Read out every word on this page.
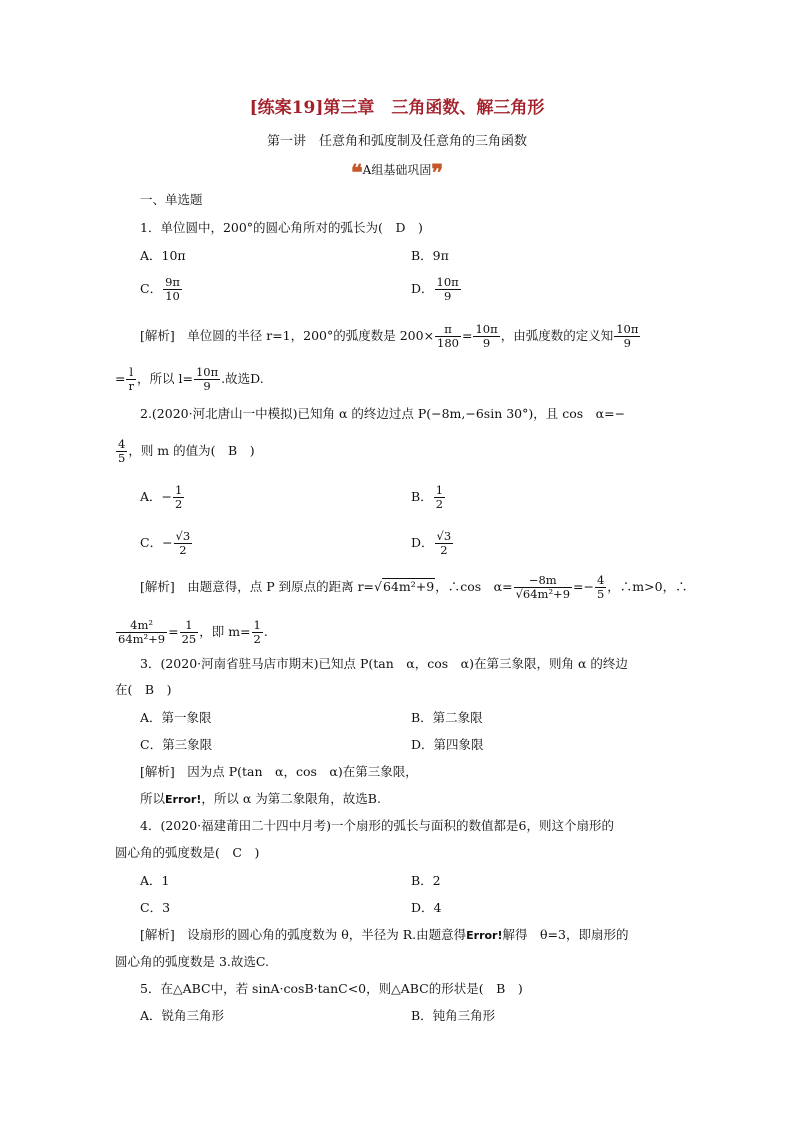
[练案19]第三章　三角函数、解三角形
第一讲　任意角和弧度制及任意角的三角函数
❝A组基础巩固❞
一、单选题
1．单位圆中，200°的圆心角所对的弧长为(　D　)
A．10π	B．9π
C． $\frac{9\pi}{10}$	D． $\frac{10\pi}{9}$
[解析]　单位圆的半径 r=1，200°的弧度数是 $200\times \frac{\pi}{180} = \frac{10\pi}{9}$ ，由弧度数的定义知 $\frac{10\pi}{9}$
= $\frac{l}{r}$ ，所以 $l= \frac{10\pi}{9}$ .故选D.
2.(2020·河北唐山一中模拟)已知角 α 的终边过点 P(−8m,−6sin 30°)，且 cos　α=−
$\frac{4}{5}$ ，则 m 的值为(　B　)
A．− $\frac{1}{2}$	B． $\frac{1}{2}$
C．− $\frac{√3}{2}$	D． $\frac{√3}{2}$
[解析]　由题意得，点 P 到原点的距离 r=√64m²+9，∴cos　$\alpha= \frac{-8m}{\text{√64m²+9}} =- \frac{4}{5}$ ，∴m>0，∴
$\frac{\text{4m²}}{\text{64m²+9}} = \frac{1}{25}$ ，即 $m= \frac{1}{2}$ .
3．(2020·河南省驻马店市期末)已知点 P(tan　α，cos　α)在第三象限，则角 α 的终边
在(　B　)
A．第一象限	B．第二象限
C．第三象限	D．第四象限
[解析]　因为点 P(tan　α，cos　α)在第三象限，
所以Error!，所以 α 为第二象限角，故选B.
4．(2020·福建莆田二十四中月考)一个扇形的弧长与面积的数值都是6，则这个扇形的
圆心角的弧度数是(　C　)
A．1	B．2
C．3	D．4
[解析]　设扇形的圆心角的弧度数为 θ，半径为 R.由题意得Error!解得　θ=3，即扇形的
圆心角的弧度数是 3.故选C.
5．在△ABC中，若 sinA·cosB·tanC<0，则△ABC的形状是(　B　)
A．锐角三角形	B．钝角三角形
